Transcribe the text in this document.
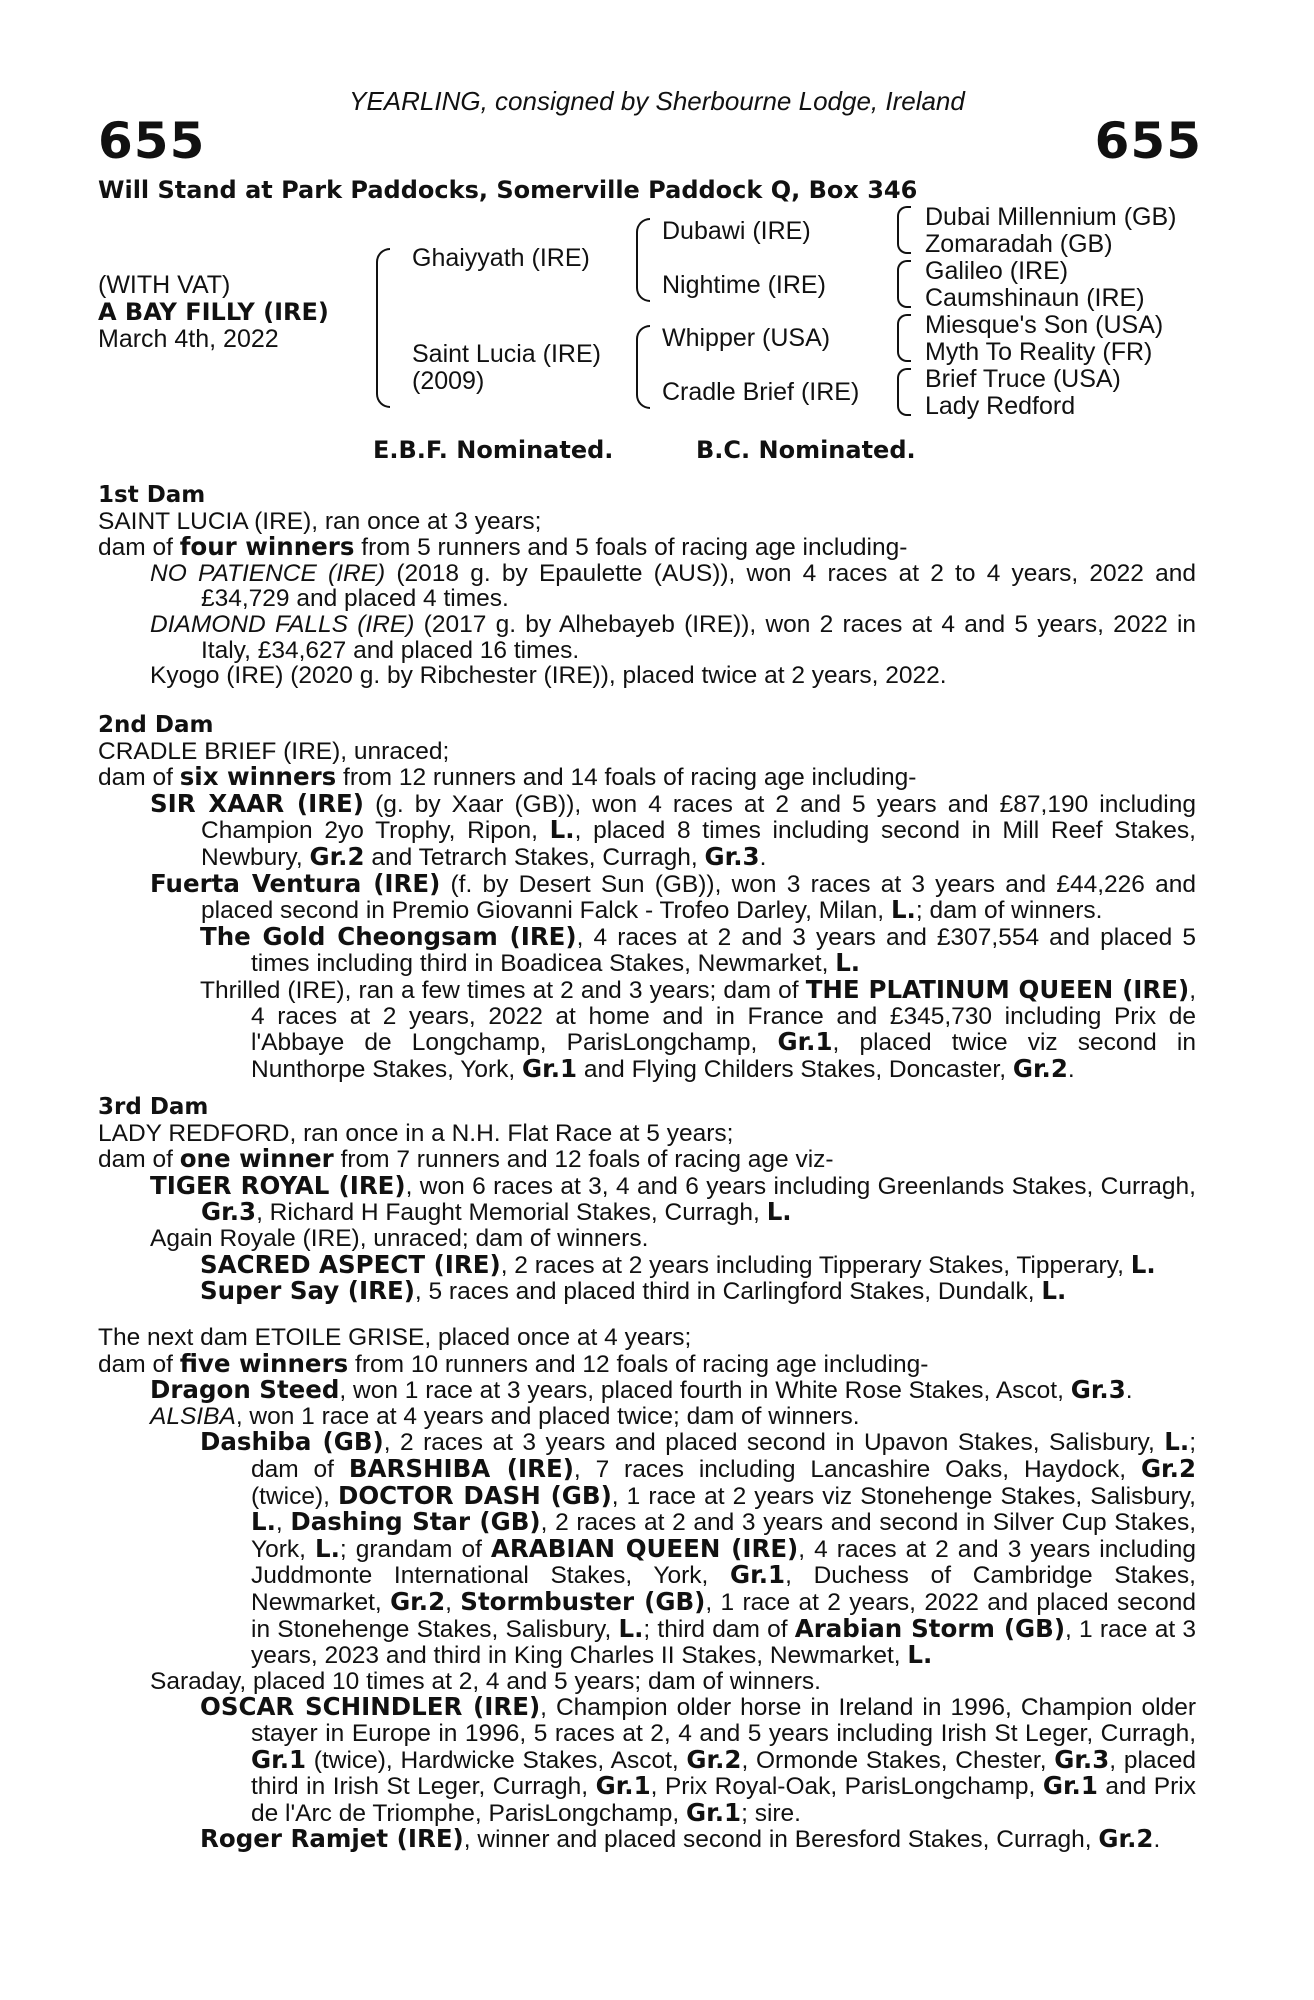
YEARLING, consigned by Sherbourne Lodge, Ireland
655	655
Will Stand at Park Paddocks, Somerville Paddock Q, Box 346
(WITH VAT)
A BAY FILLY (IRE)
March 4th, 2022
Ghaiyyath (IRE)
Saint Lucia (IRE)
(2009)
Dubawi (IRE)
Nightime (IRE)
Whipper (USA)
Cradle Brief (IRE)
Dubai Millennium (GB)
Zomaradah (GB)
Galileo (IRE)
Caumshinaun (IRE)
Miesque's Son (USA)
Myth To Reality (FR)
Brief Truce (USA)
Lady Redford
E.B.F. Nominated.	B.C. Nominated.

1st Dam

SAINT LUCIA (IRE), ran once at 3 years;

dam of four winners from 5 runners and 5 foals of racing age including-

NO PATIENCE (IRE) (2018 g. by Epaulette (AUS)), won 4 races at 2 to 4 years, 2022 and £34,729 and placed 4 times.

DIAMOND FALLS (IRE) (2017 g. by Alhebayeb (IRE)), won 2 races at 4 and 5 years, 2022 in Italy, £34,627 and placed 16 times.

Kyogo (IRE) (2020 g. by Ribchester (IRE)), placed twice at 2 years, 2022.

2nd Dam

CRADLE BRIEF (IRE), unraced;

dam of six winners from 12 runners and 14 foals of racing age including-

SIR XAAR (IRE) (g. by Xaar (GB)), won 4 races at 2 and 5 years and £87,190 including Champion 2yo Trophy, Ripon, L., placed 8 times including second in Mill Reef Stakes, Newbury, Gr.2 and Tetrarch Stakes, Curragh, Gr.3.

Fuerta Ventura (IRE) (f. by Desert Sun (GB)), won 3 races at 3 years and £44,226 and placed second in Premio Giovanni Falck - Trofeo Darley, Milan, L.; dam of winners.

The Gold Cheongsam (IRE), 4 races at 2 and 3 years and £307,554 and placed 5 times including third in Boadicea Stakes, Newmarket, L.

Thrilled (IRE), ran a few times at 2 and 3 years; dam of THE PLATINUM QUEEN (IRE), 4 races at 2 years, 2022 at home and in France and £345,730 including Prix de l'Abbaye de Longchamp, ParisLongchamp, Gr.1, placed twice viz second in Nunthorpe Stakes, York, Gr.1 and Flying Childers Stakes, Doncaster, Gr.2.

3rd Dam

LADY REDFORD, ran once in a N.H. Flat Race at 5 years;

dam of one winner from 7 runners and 12 foals of racing age viz-

TIGER ROYAL (IRE), won 6 races at 3, 4 and 6 years including Greenlands Stakes, Curragh, Gr.3, Richard H Faught Memorial Stakes, Curragh, L.

Again Royale (IRE), unraced; dam of winners.

SACRED ASPECT (IRE), 2 races at 2 years including Tipperary Stakes, Tipperary, L.

Super Say (IRE), 5 races and placed third in Carlingford Stakes, Dundalk, L.

The next dam ETOILE GRISE, placed once at 4 years;

dam of five winners from 10 runners and 12 foals of racing age including-

Dragon Steed, won 1 race at 3 years, placed fourth in White Rose Stakes, Ascot, Gr.3.

ALSIBA, won 1 race at 4 years and placed twice; dam of winners.

Dashiba (GB), 2 races at 3 years and placed second in Upavon Stakes, Salisbury, L.; dam of BARSHIBA (IRE), 7 races including Lancashire Oaks, Haydock, Gr.2 (twice), DOCTOR DASH (GB), 1 race at 2 years viz Stonehenge Stakes, Salisbury, L., Dashing Star (GB), 2 races at 2 and 3 years and second in Silver Cup Stakes, York, L.; grandam of ARABIAN QUEEN (IRE), 4 races at 2 and 3 years including Juddmonte International Stakes, York, Gr.1, Duchess of Cambridge Stakes, Newmarket, Gr.2, Stormbuster (GB), 1 race at 2 years, 2022 and placed second in Stonehenge Stakes, Salisbury, L.; third dam of Arabian Storm (GB), 1 race at 3 years, 2023 and third in King Charles II Stakes, Newmarket, L.

Saraday, placed 10 times at 2, 4 and 5 years; dam of winners.

OSCAR SCHINDLER (IRE), Champion older horse in Ireland in 1996, Champion older stayer in Europe in 1996, 5 races at 2, 4 and 5 years including Irish St Leger, Curragh, Gr.1 (twice), Hardwicke Stakes, Ascot, Gr.2, Ormonde Stakes, Chester, Gr.3, placed third in Irish St Leger, Curragh, Gr.1, Prix Royal-Oak, ParisLongchamp, Gr.1 and Prix de l'Arc de Triomphe, ParisLongchamp, Gr.1; sire.

Roger Ramjet (IRE), winner and placed second in Beresford Stakes, Curragh, Gr.2.
